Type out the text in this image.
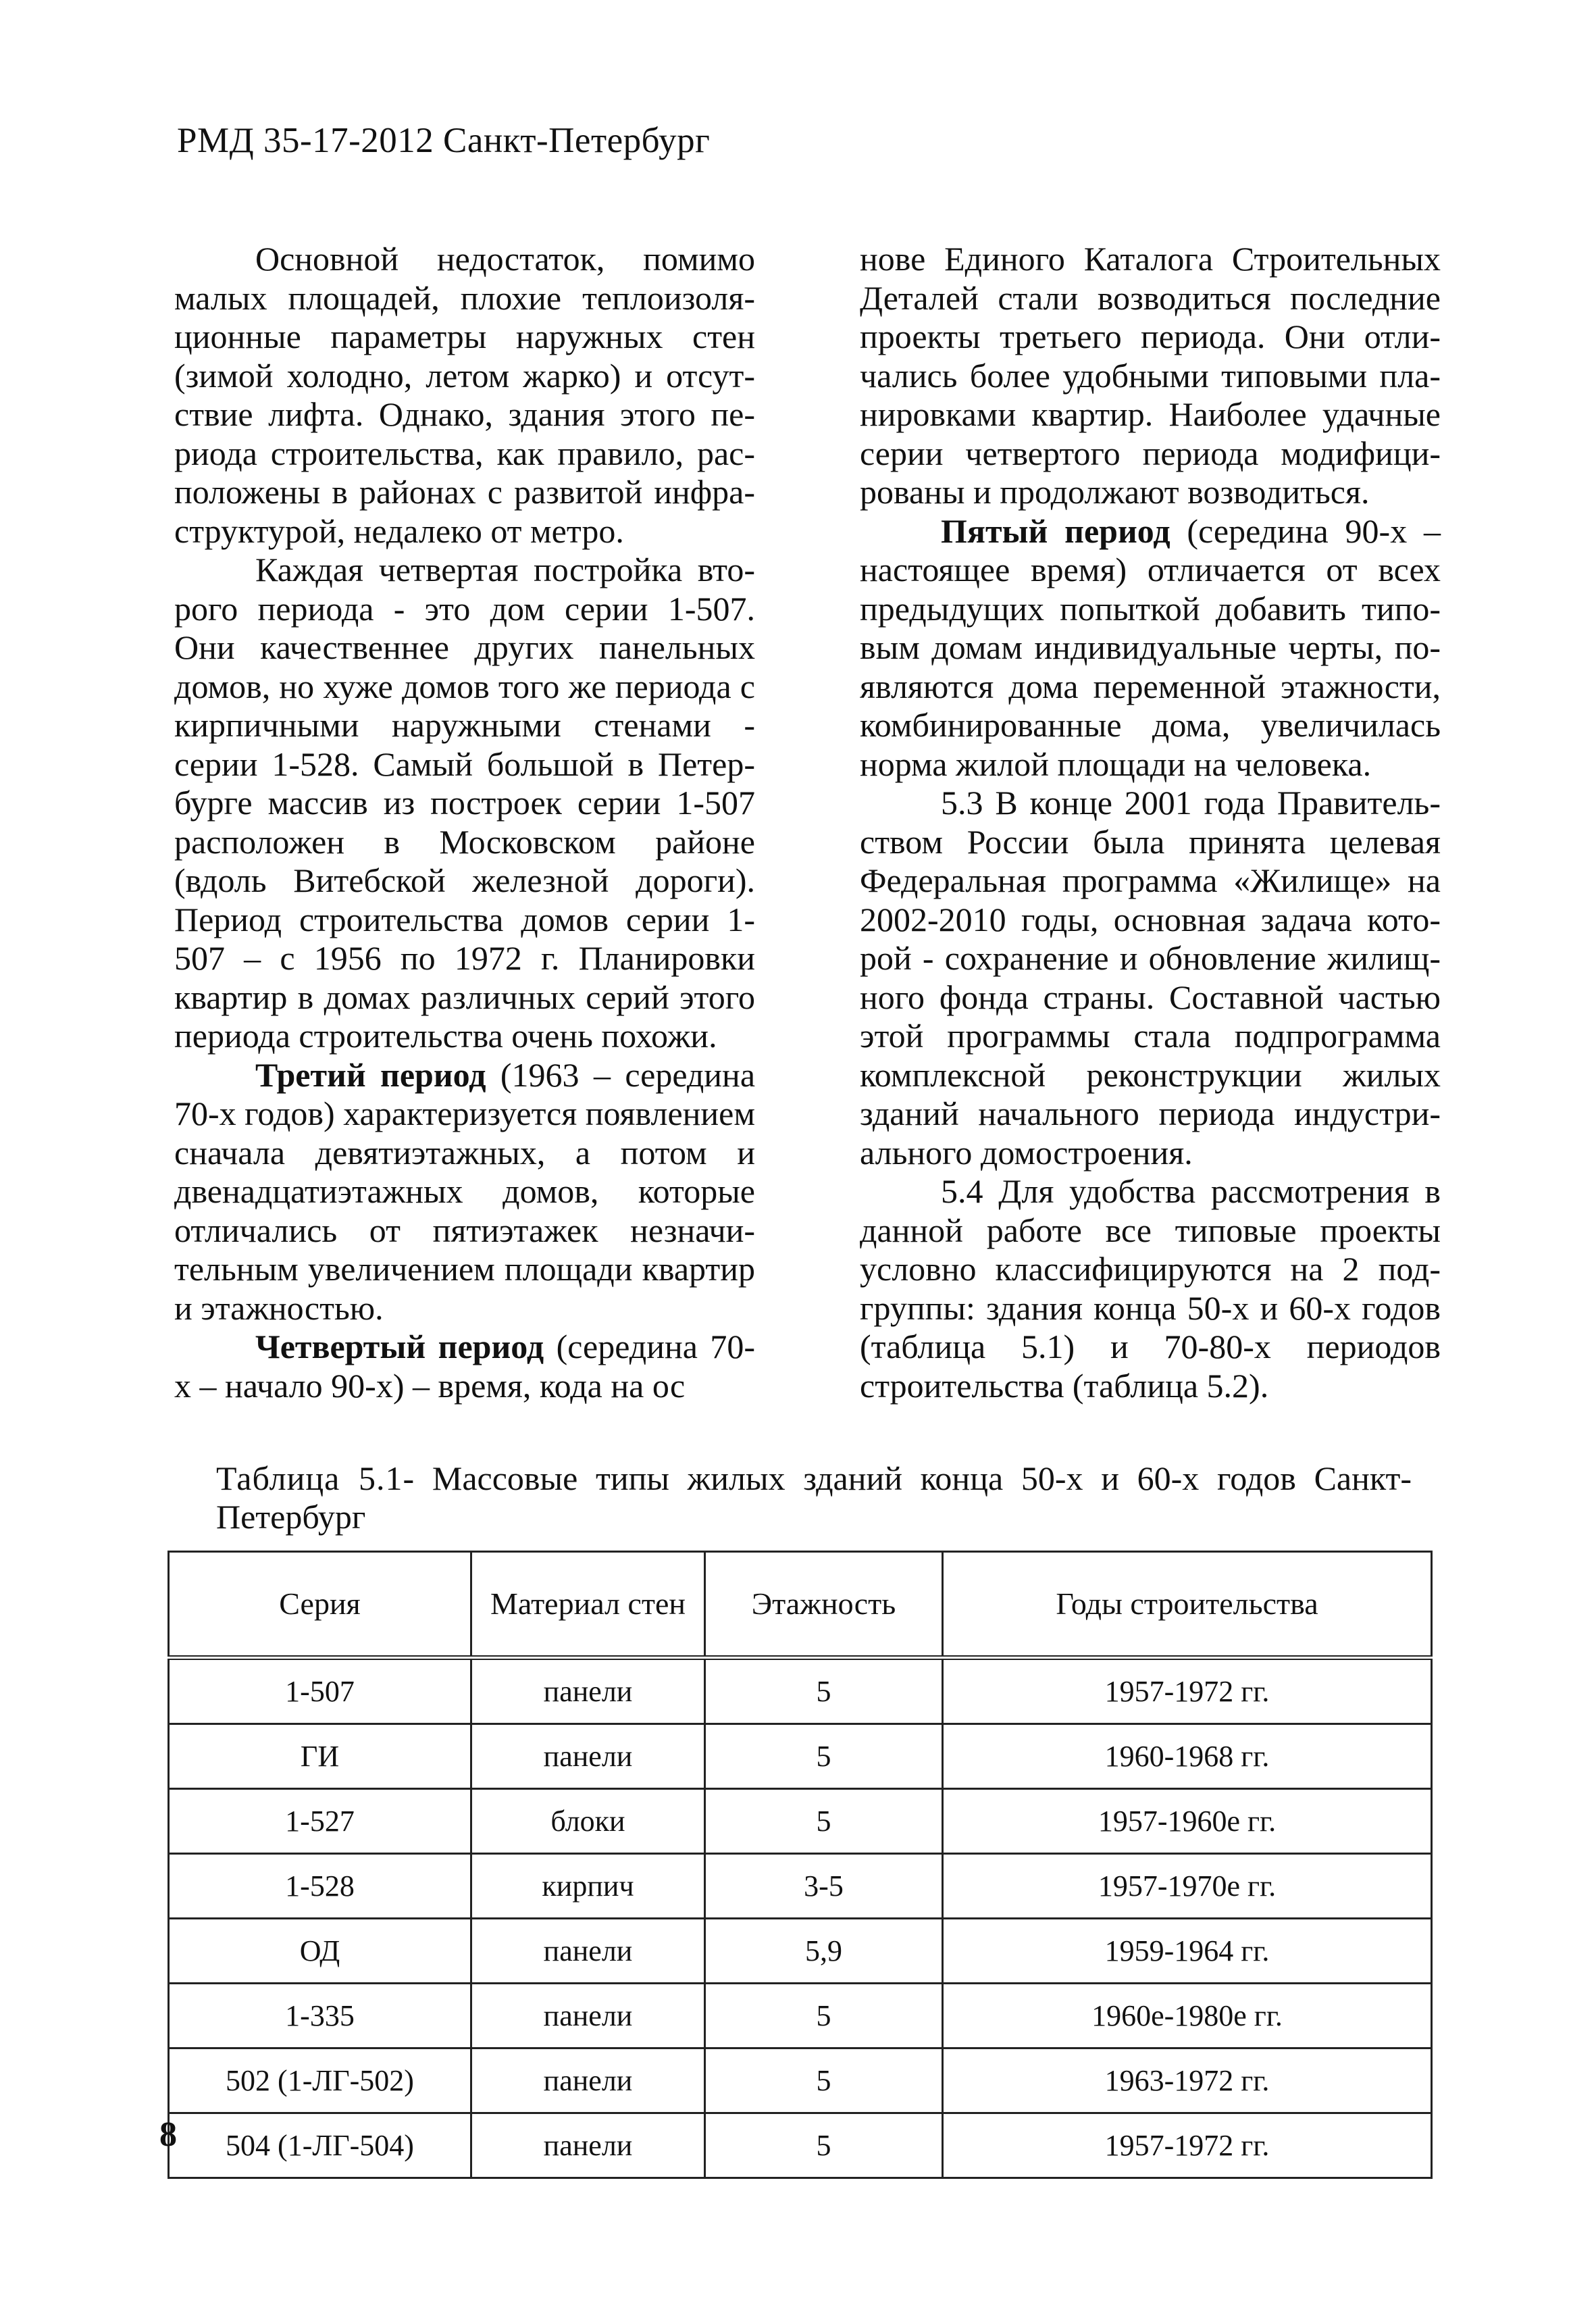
РМД 35-17-2012 Санкт-Петербург

Основной недостаток, помимо малых площадей, плохие теплоизоляционные параметры наружных стен (зимой холодно, летом жарко) и отсутствие лифта. Однако, здания этого периода строительства, как правило, расположены в районах с развитой инфраструктурой, недалеко от метро.

Каждая четвертая постройка второго периода - это дом серии 1-507. Они качественнее других панельных домов, но хуже домов того же периода с кирпичными наружными стенами - серии 1-528. Самый большой в Петербурге массив из построек серии 1-507 расположен в Московском районе (вдоль Витебской железной дороги). Период строительства домов серии 1-507 – с 1956 по 1972 г. Планировки квартир в домах различных серий этого периода строительства очень похожи.

Третий период (1963 – середина 70-х годов) характеризуется появлением сначала девятиэтажных, а потом и двенадцатиэтажных домов, которые отличались от пятиэтажек незначительным увеличением площади квартир и этажностью.

Четвертый период (середина 70-х – начало 90-х) – время, кода на ос

нове Единого Каталога Строительных Деталей стали возводиться последние проекты третьего периода. Они отличались более удобными типовыми планировками квартир. Наиболее удачные серии четвертого периода модифицированы и продолжают возводиться.

Пятый период (середина 90-х – настоящее время) отличается от всех предыдущих попыткой добавить типовым домам индивидуальные черты, появляются дома переменной этажности, комбинированные дома, увеличилась норма жилой площади на человека.

5.3 В конце 2001 года Правительством России была принята целевая Федеральная программа «Жилище» на 2002-2010 годы, основная задача которой - сохранение и обновление жилищного фонда страны. Составной частью этой программы стала подпрограмма комплексной реконструкции жилых зданий начального периода индустриального домостроения.

5.4 Для удобства рассмотрения в данной работе все типовые проекты условно классифицируются на 2 подгруппы: здания конца 50-х и 60-х годов (таблица 5.1) и 70-80-х периодов строительства (таблица 5.2).

Таблица 5.1- Массовые типы жилых зданий конца 50-х и 60-х годов Санкт-Петербург
Серия	Материал стен	Этажность	Годы строительства
1-507	панели	5	1957-1972 гг.
ГИ	панели	5	1960-1968 гг.
1-527	блоки	5	1957-1960е гг.
1-528	кирпич	3-5	1957-1970е гг.
ОД	панели	5,9	1959-1964 гг.
1-335	панели	5	1960е-1980е гг.
502 (1-ЛГ-502)	панели	5	1963-1972 гг.
504 (1-ЛГ-504)	панели	5	1957-1972 гг.
8
